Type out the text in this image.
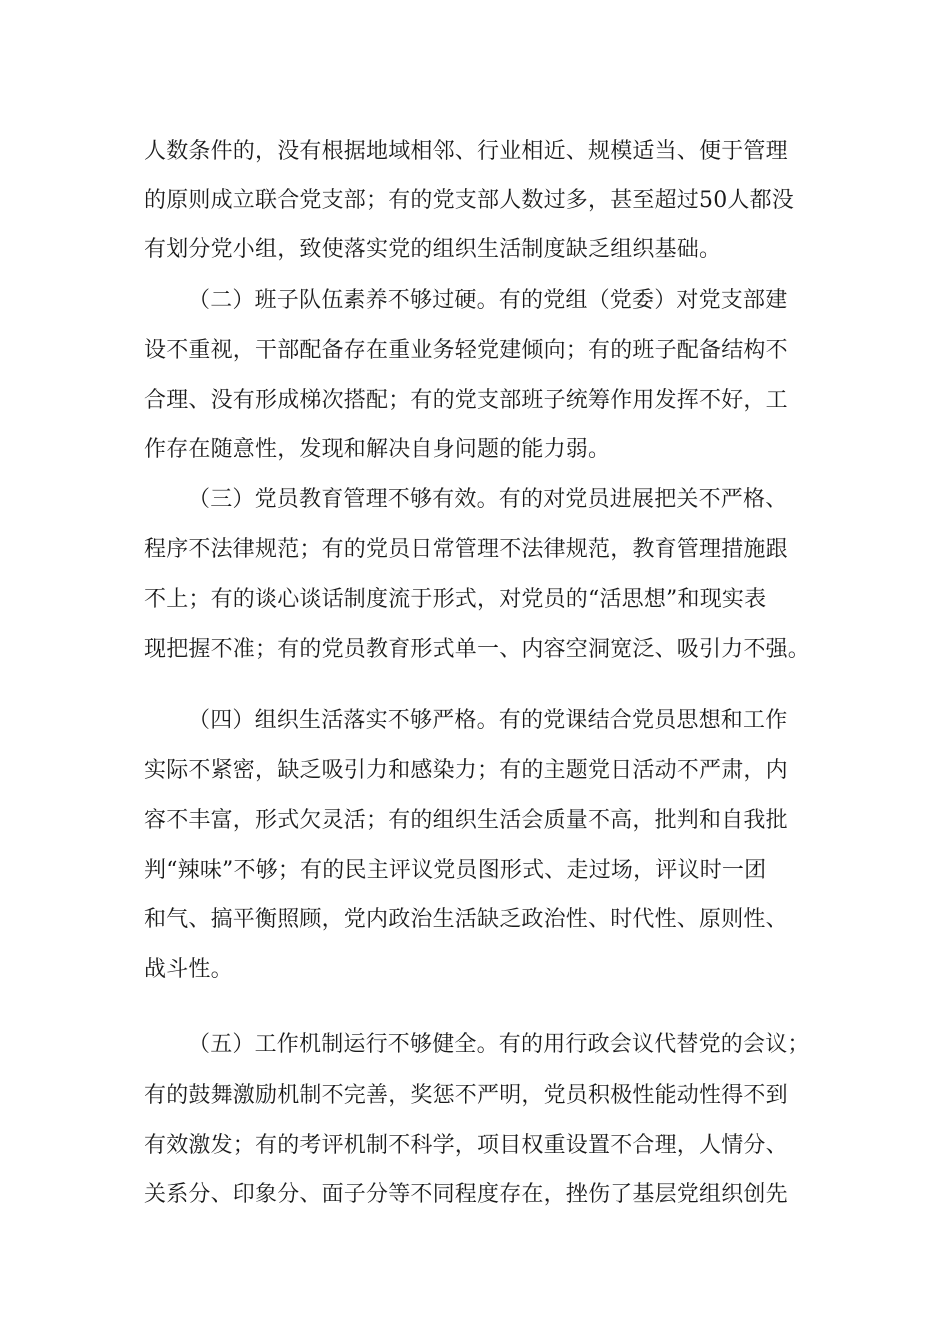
人数条件的，没有根据地域相邻、行业相近、规模适当、便于管理
的原则成立联合党支部；有的党支部人数过多，甚至超过50人都没
有划分党小组，致使落实党的组织生活制度缺乏组织基础。
（二）班子队伍素养不够过硬。有的党组（党委）对党支部建
设不重视，干部配备存在重业务轻党建倾向；有的班子配备结构不
合理、没有形成梯次搭配；有的党支部班子统筹作用发挥不好，工
作存在随意性，发现和解决自身问题的能力弱。
（三）党员教育管理不够有效。有的对党员进展把关不严格、
程序不法律规范；有的党员日常管理不法律规范，教育管理措施跟
不上；有的谈心谈话制度流于形式，对党员的“活思想”和现实表
现把握不准；有的党员教育形式单一、内容空洞宽泛、吸引力不强。
（四）组织生活落实不够严格。有的党课结合党员思想和工作
实际不紧密，缺乏吸引力和感染力；有的主题党日活动不严肃，内
容不丰富，形式欠灵活；有的组织生活会质量不高，批判和自我批
判“辣味”不够；有的民主评议党员图形式、走过场，评议时一团
和气、搞平衡照顾，党内政治生活缺乏政治性、时代性、原则性、
战斗性。
（五）工作机制运行不够健全。有的用行政会议代替党的会议；
有的鼓舞激励机制不完善，奖惩不严明，党员积极性能动性得不到
有效激发；有的考评机制不科学，项目权重设置不合理，人情分、
关系分、印象分、面子分等不同程度存在，挫伤了基层党组织创先
